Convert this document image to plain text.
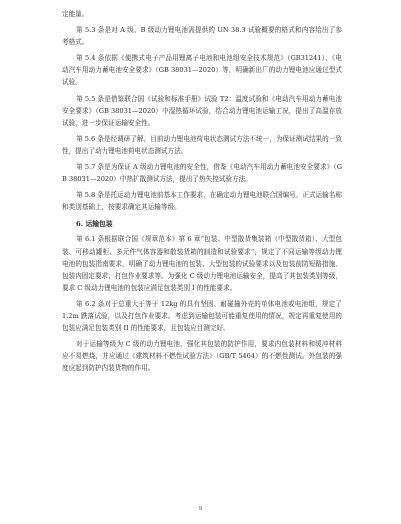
定能量。

第 5.3 条是对 A 级、B 级动力锂电池需提供的 UN 38.3 试验概要的格式和内容给出了参考格式。

第 5.4 条依据《便携式电子产品用锂离子电池和电池组安全技术规范》（GB31241）、《电动汽车用动力蓄电池安全要求》（GB 38031—2020）等，明确新出厂的动力锂电池应通过型式试验。

第 5.5 条是借鉴联合国《试验和标准手册》试验 T2：温度试验和《电动汽车用动力蓄电池安全要求》（GB 38031—2020）中湿热循环试验，结合动力锂电池运输工况，提出了高温存放试验，进一步保证运输安全性。

第 5.6 条是经调研了解，目前动力锂电池荷电状态测试方法不统一，为保证测试结果的一致性，提出了动力锂电池荷电状态测试方法。

第 5.7 条是为保证 A 级动力锂电池的安全性，借鉴《电动汽车用动力蓄电池安全要求》（GB 38031—2020）中热扩散测试方法，提出了热失控试验方法。

第 5.8 条是托运动力锂电池前基本工作要求，在确定动力锂电池联合国编号、正式运输名称和类别基础上，按要求确定其运输等级。

6. 运输包装

第 6.1 条根据联合国《规章范本》第 6 章“包装、中型散货集装箱（中型散货箱）、大型包装、可移动罐柜、多元件气体容器和散装货箱的制造和试验要求”，规定了不同运输等级动力锂电池的包装指南要求，明确了动力锂电池的包装、大型包装的试验要求以及包装前防短路措施、包装内固定要求、打包作业要求等。为强化 C 级动力锂电池运输安全，提高了其包装类别等级，要求 C 级动力锂电池的包装应满足包装类别 I 的性能要求。

第 6.2 条对于总重大于等于 12kg 的具有坚固、耐碰撞外壳的单体电池或电池组，规定了 1.2m 跌落试验，以及打包作业要求。考虑到运输包装可能重复使用的情况，规定再重复使用的包装应满足包装类别 II 的性能要求，且包装应目测完好。

对于运输等级为 C 级的动力锂电池，强化其包装的防护作用，要求内包装材料和缓冲材料应不易燃烧，并应通过《建筑材料不燃性试验方法》（GB/T 5464）的不燃性测试。外包装的强度应起到防护内装货物的作用。

9
